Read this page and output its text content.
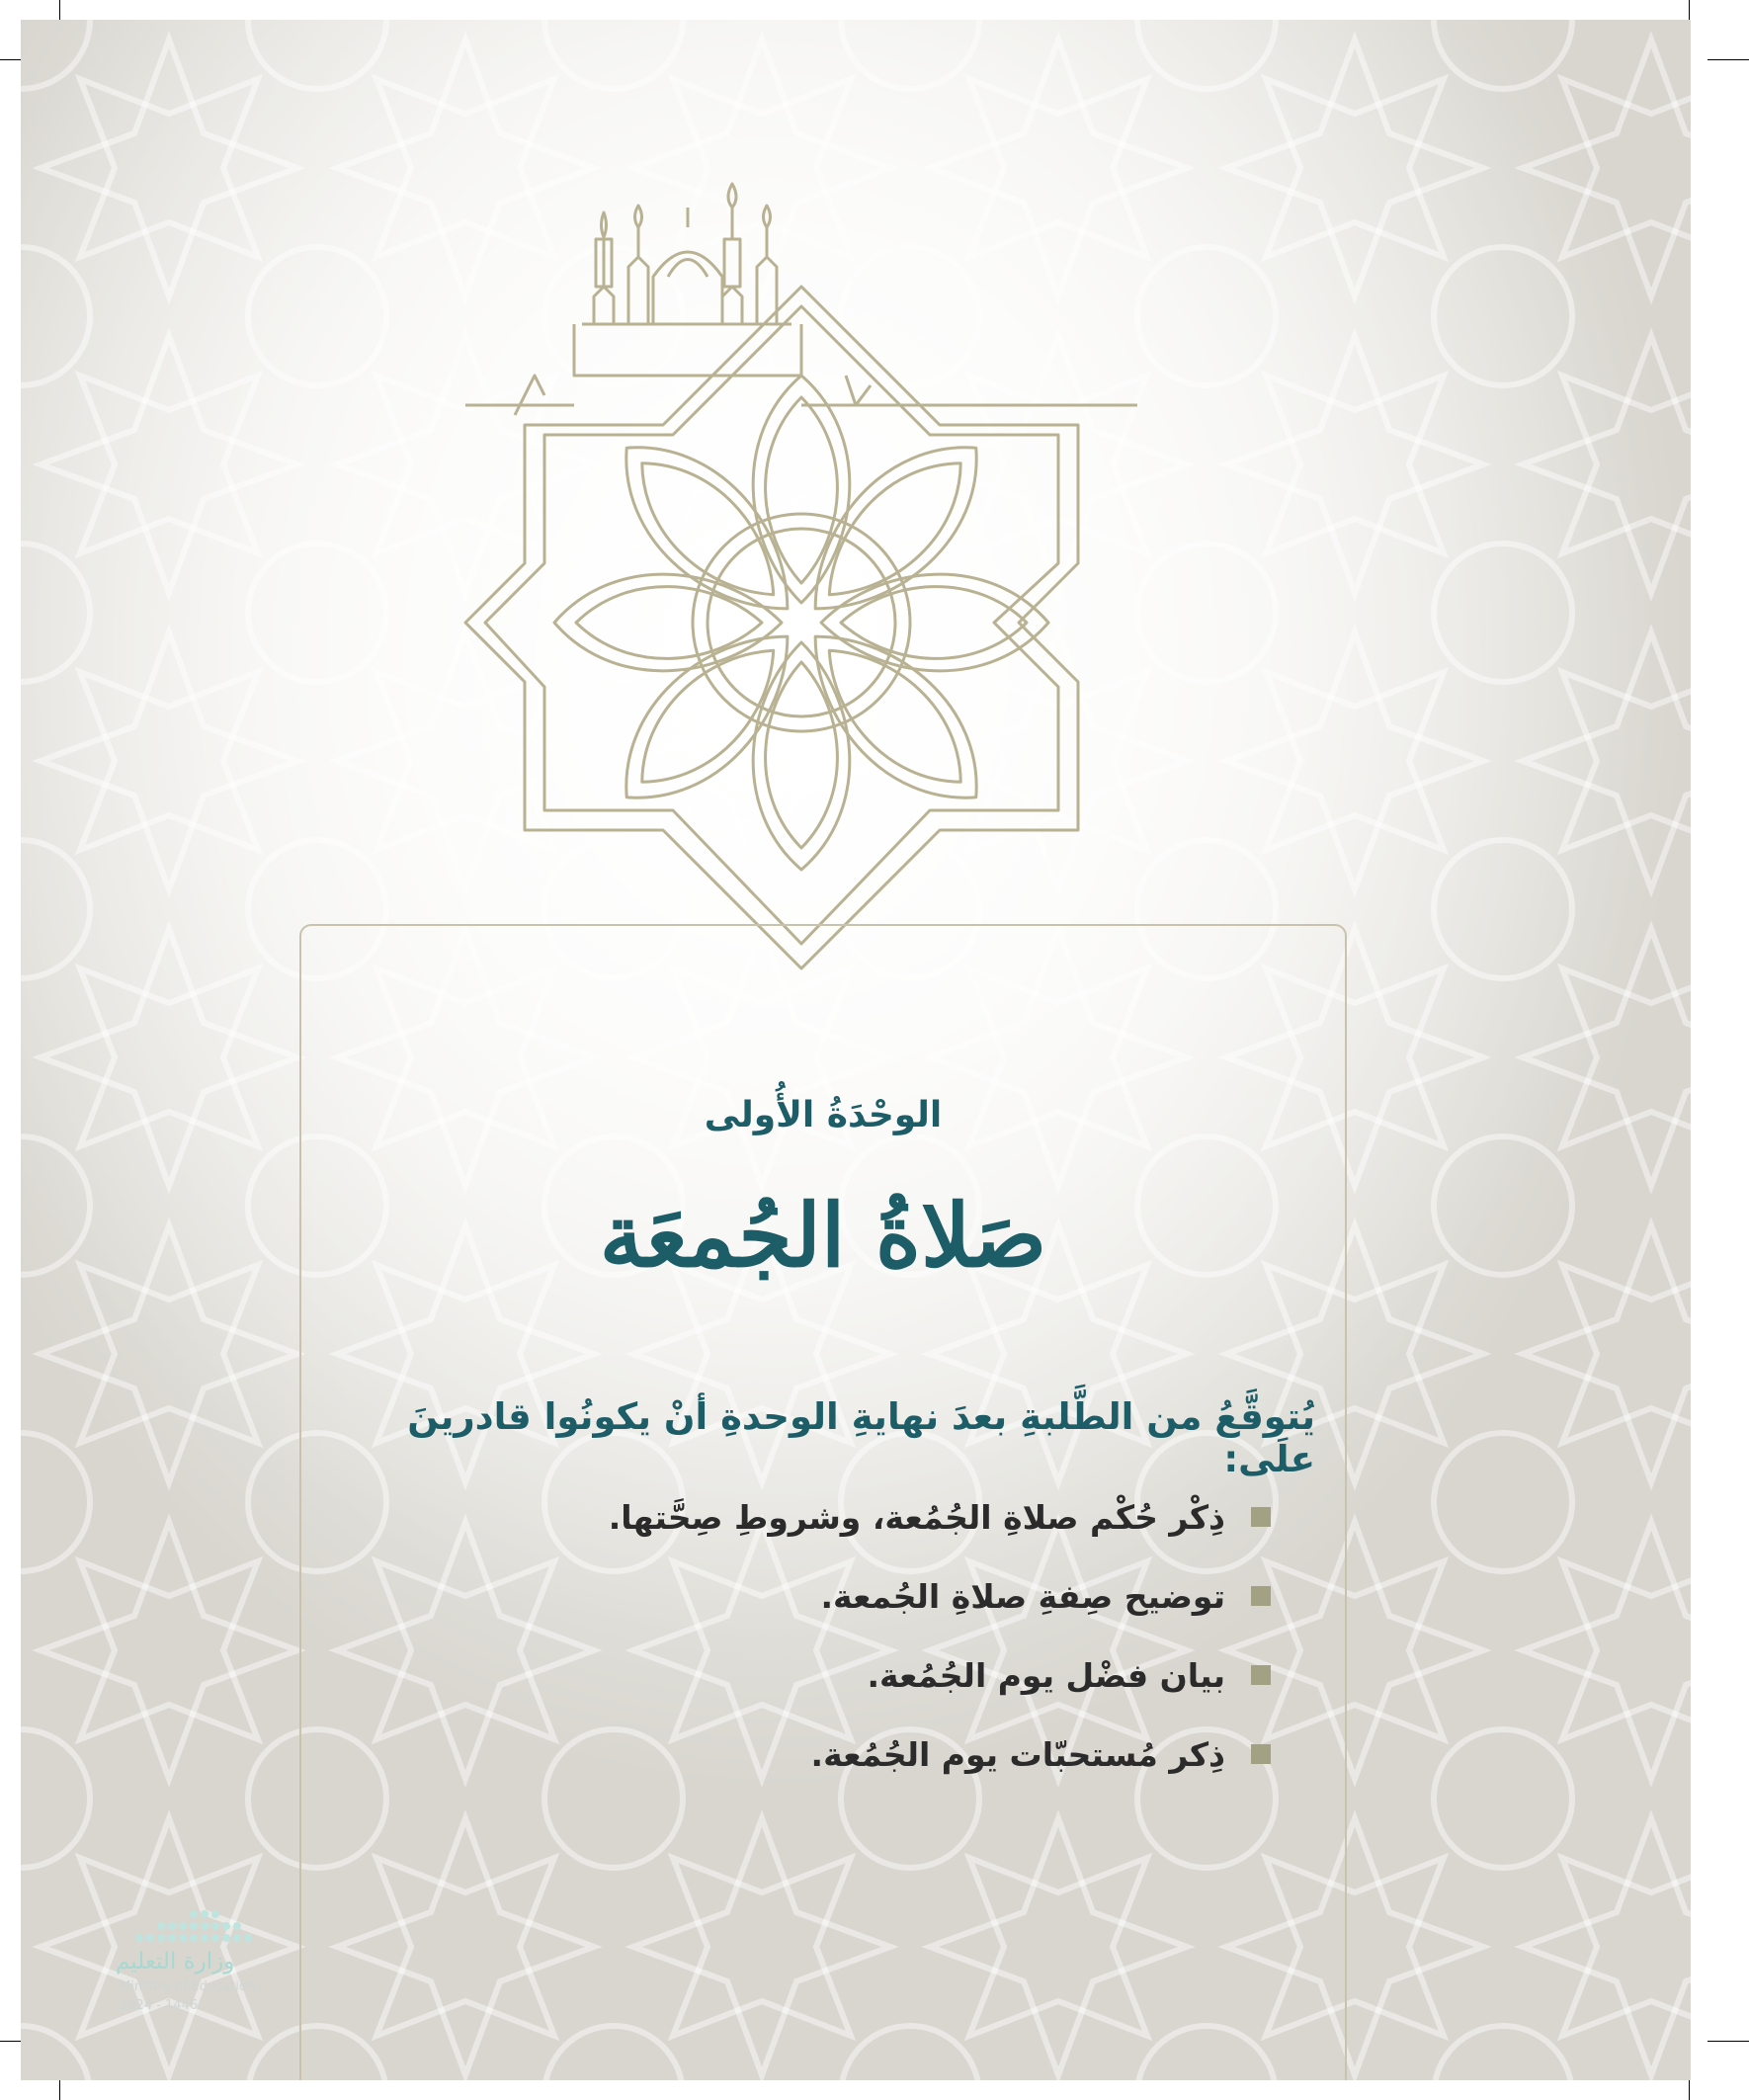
الوحْدَةُ الأُولى
صَلاةُ الجُمعَة
يُتوقَّعُ من الطَّلبةِ بعدَ نهايةِ الوحدةِ أنْ يكونُوا قادرينَ علَى:
ذِكْر حُكْم صلاةِ الجُمُعة، وشروطِ صِحَّتها.
توضيح صِفةِ صلاةِ الجُمعة.
بيان فضْل يوم الجُمُعة.
ذِكر مُستحبّات يوم الجُمُعة.
وزارة التعليم
Ministry of Education
2024 - 1446
